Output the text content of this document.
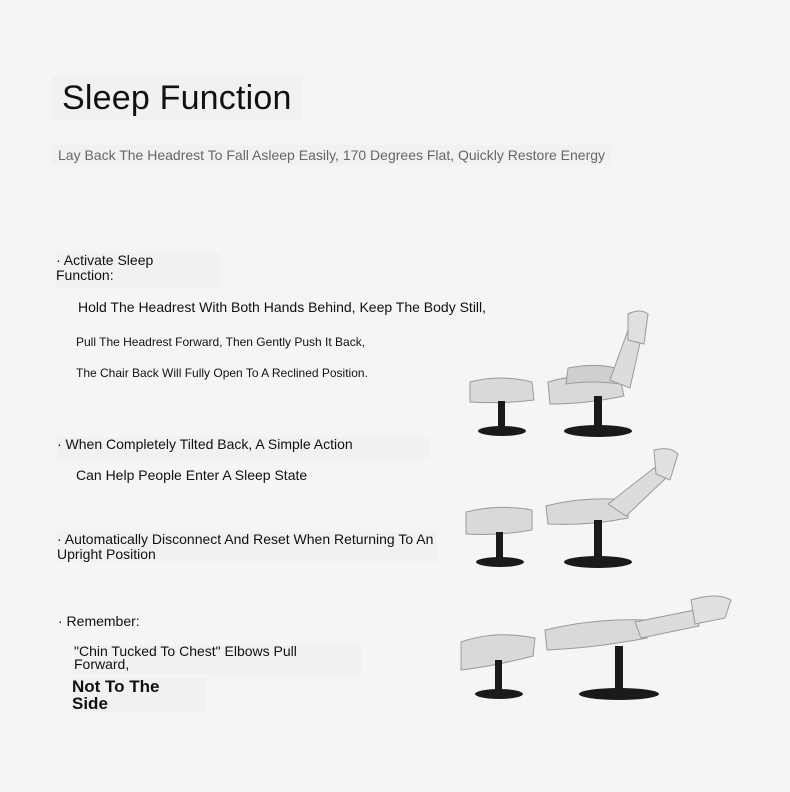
Sleep Function
Lay Back The Headrest To Fall Asleep Easily, 170 Degrees Flat, Quickly Restore Energy
· Activate Sleep
Function:
Hold The Headrest With Both Hands Behind, Keep The Body Still,
Pull The Headrest Forward, Then Gently Push It Back,
The Chair Back Will Fully Open To A Reclined Position.
· When Completely Tilted Back, A Simple Action
Can Help People Enter A Sleep State
· Automatically Disconnect And Reset When Returning To An
Upright Position
· Remember:
"Chin Tucked To Chest" Elbows Pull
Forward,
Not To The
Side
